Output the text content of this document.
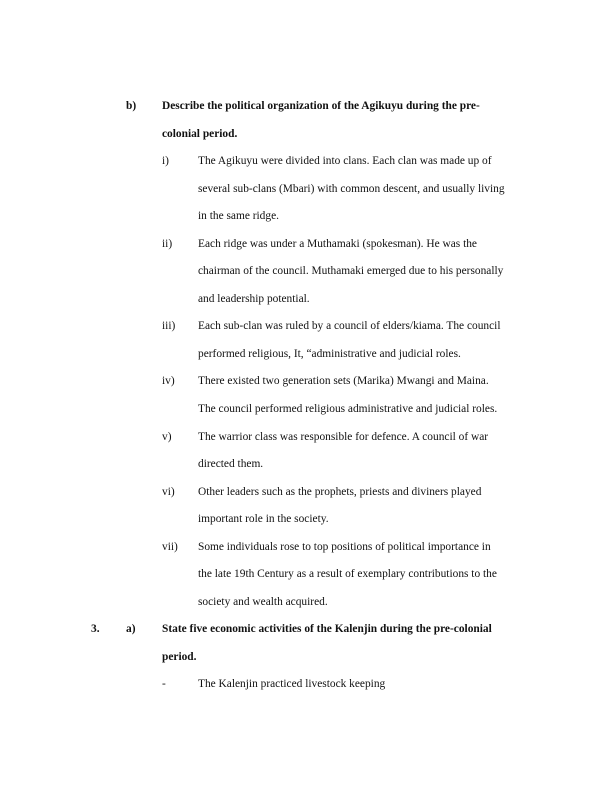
b) Describe the political organization of the Agikuyu during the pre-
colonial period.
i)	The Agikuyu were divided into clans. Each clan was made up of
several sub-clans (Mbari) with common descent, and usually living
in the same ridge.
ii) Each ridge was under a Muthamaki (spokesman). He was the
chairman of the council. Muthamaki emerged due to his personally
and leadership potential.
iii) Each sub-clan was ruled by a council of elders/kiama. The council
performed religious, It, “administrative and judicial roles.
iv) There existed two generation sets (Marika) Mwangi and Maina.
The council performed religious administrative and judicial roles.
v) The warrior class was responsible for defence. A council of war
directed them.
vi) Other leaders such as the prophets, priests and diviners played
important role in the society.
vii) Some individuals rose to top positions of political importance in
the late 19th Century as a result of exemplary contributions to the
society and wealth acquired.
3. a) State five economic activities of the Kalenjin during the pre-colonial
period.
-	The Kalenjin practiced livestock keeping
